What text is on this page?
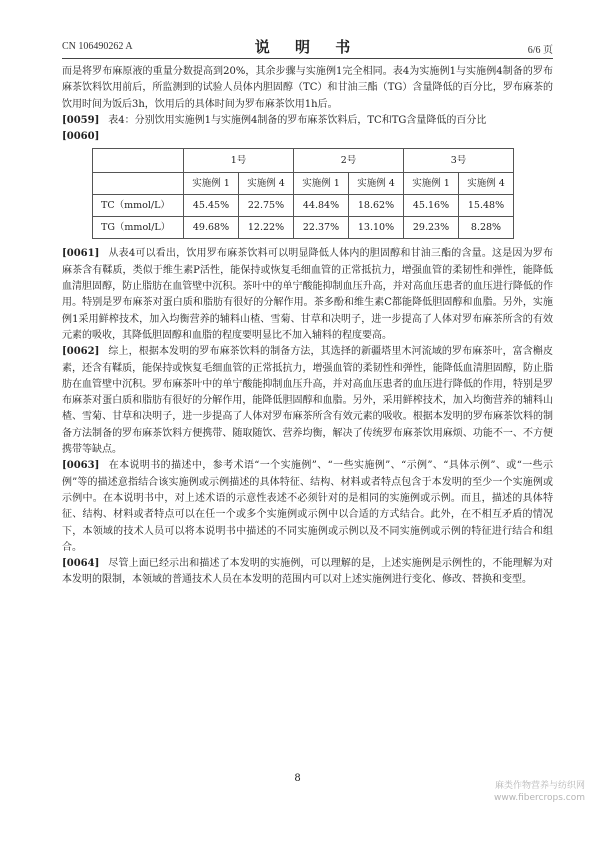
CN 106490262 A	说 明 书	6/6 页

而是将罗布麻原液的重量分数提高到20%，其余步骤与实施例1完全相同。表4为实施例1与实施例4制备的罗布麻茶饮料饮用前后，所监测到的试验人员体内胆固醇（TC）和甘油三酯（TG）含量降低的百分比，罗布麻茶的饮用时间为饭后3h，饮用后的具体时间为罗布麻茶饮用1h后。

[0059] 表4：分别饮用实施例1与实施例4制备的罗布麻茶饮料后，TC和TG含量降低的百分比

[0060]

	1号		2号		3号	
	实施例 1	实施例 4	实施例 1	实施例 4	实施例 1	实施例 4
TC（mmol/L）	45.45%	22.75%	44.84%	18.62%	45.16%	15.48%
TG（mmol/L）	49.68%	12.22%	22.37%	13.10%	29.23%	8.28%

[0061] 从表4可以看出，饮用罗布麻茶饮料可以明显降低人体内的胆固醇和甘油三酯的含量。这是因为罗布麻茶含有鞣质，类似于维生素P活性，能保持或恢复毛细血管的正常抵抗力，增强血管的柔韧性和弹性，能降低血清胆固醇，防止脂肪在血管壁中沉积。茶叶中的单宁酸能抑制血压升高，并对高血压患者的血压进行降低的作用。特别是罗布麻茶对蛋白质和脂肪有很好的分解作用。茶多酚和维生素C都能降低胆固醇和血脂。另外，实施例1采用鲜榨技术，加入均衡营养的辅料山楂、雪菊、甘草和决明子，进一步提高了人体对罗布麻茶所含的有效元素的吸收，其降低胆固醇和血脂的程度要明显比不加入辅料的程度要高。

[0062] 综上，根据本发明的罗布麻茶饮料的制备方法，其选择的新疆塔里木河流域的罗布麻茶叶，富含槲皮素，还含有鞣质，能保持或恢复毛细血管的正常抵抗力，增强血管的柔韧性和弹性，能降低血清胆固醇，防止脂肪在血管壁中沉积。罗布麻茶叶中的单宁酸能抑制血压升高，并对高血压患者的血压进行降低的作用，特别是罗布麻茶对蛋白质和脂肪有很好的分解作用，能降低胆固醇和血脂。另外，采用鲜榨技术，加入均衡营养的辅料山楂、雪菊、甘草和决明子，进一步提高了人体对罗布麻茶所含有效元素的吸收。根据本发明的罗布麻茶饮料的制备方法制备的罗布麻茶饮料方便携带、随取随饮、营养均衡，解决了传统罗布麻茶饮用麻烦、功能不一、不方便携带等缺点。

[0063] 在本说明书的描述中，参考术语“一个实施例”、“一些实施例”、“示例”、“具体示例”、或“一些示例”等的描述意指结合该实施例或示例描述的具体特征、结构、材料或者特点包含于本发明的至少一个实施例或示例中。在本说明书中，对上述术语的示意性表述不必须针对的是相同的实施例或示例。而且，描述的具体特征、结构、材料或者特点可以在任一个或多个实施例或示例中以合适的方式结合。此外，在不相互矛盾的情况下，本领域的技术人员可以将本说明书中描述的不同实施例或示例以及不同实施例或示例的特征进行结合和组合。

[0064] 尽管上面已经示出和描述了本发明的实施例，可以理解的是，上述实施例是示例性的，不能理解为对本发明的限制，本领域的普通技术人员在本发明的范围内可以对上述实施例进行变化、修改、替换和变型。

8
麻类作物营养与纺织网
www.fibercrops.com
